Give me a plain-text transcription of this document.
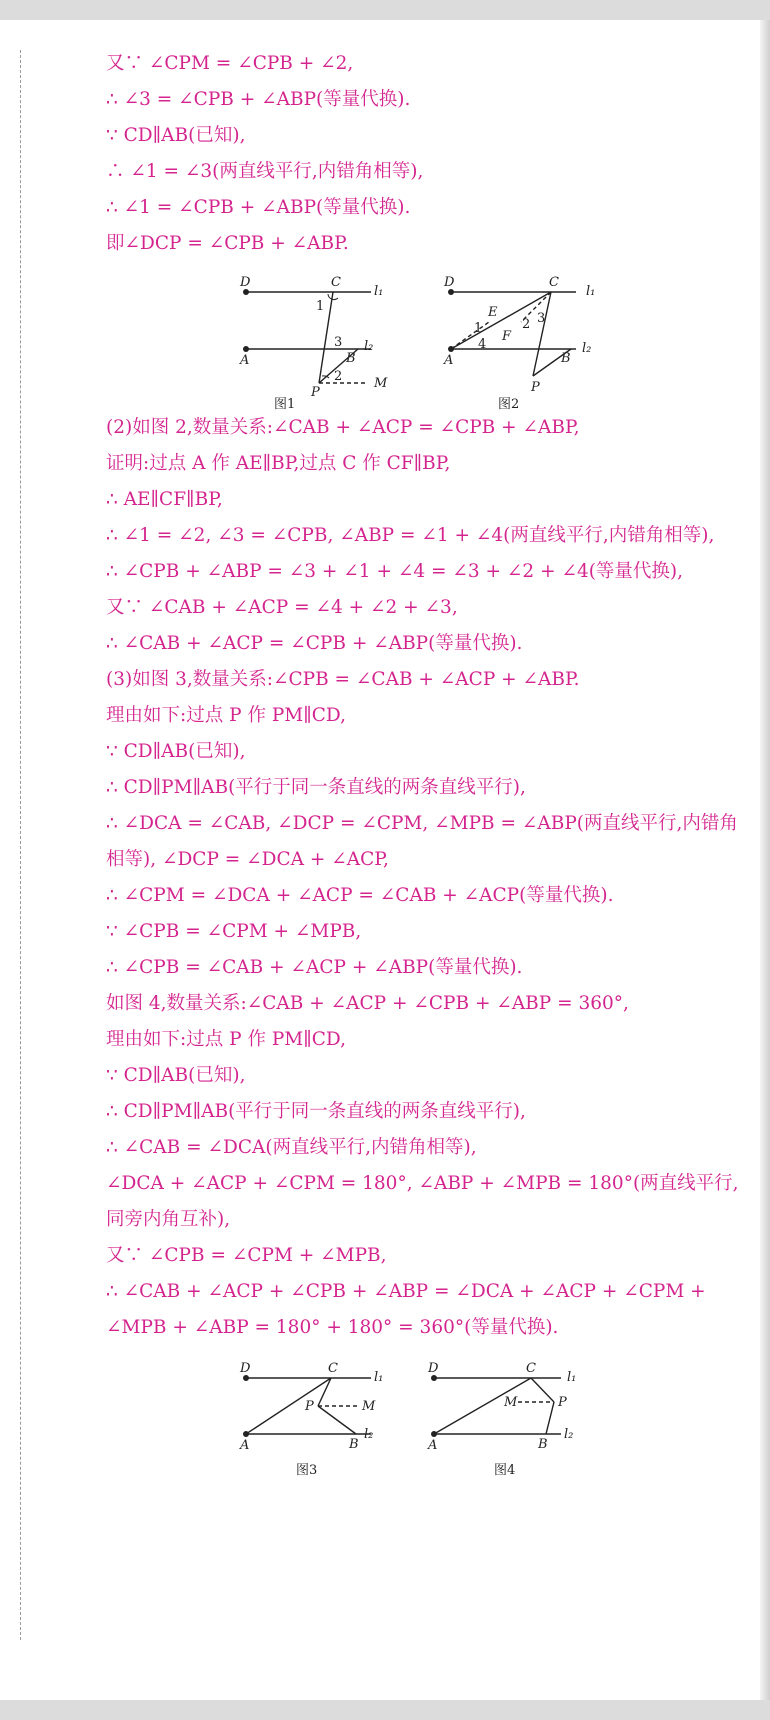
又∵ ∠CPM = ∠CPB + ∠2,
∴ ∠3 = ∠CPB + ∠ABP(等量代换).
∵ CD∥AB(已知),
∴ ∠1 = ∠3(两直线平行,内错角相等),
∴ ∠1 = ∠CPB + ∠ABP(等量代换).
即∠DCP = ∠CPB + ∠ABP.
D	C
l₁
A	B
l₂
P
M
1
3
2
图1
D	C
l₁
A	B
l₂
P
E
F
1
4
2 3
图2
(2)如图 2,数量关系:∠CAB + ∠ACP = ∠CPB + ∠ABP,
证明:过点 A 作 AE∥BP,过点 C 作 CF∥BP,
∴ AE∥CF∥BP,
∴ ∠1 = ∠2, ∠3 = ∠CPB, ∠ABP = ∠1 + ∠4(两直线平行,内错角相等),
∴ ∠CPB + ∠ABP = ∠3 + ∠1 + ∠4 = ∠3 + ∠2 + ∠4(等量代换),
又∵ ∠CAB + ∠ACP = ∠4 + ∠2 + ∠3,
∴ ∠CAB + ∠ACP = ∠CPB + ∠ABP(等量代换).
(3)如图 3,数量关系:∠CPB = ∠CAB + ∠ACP + ∠ABP.
理由如下:过点 P 作 PM∥CD,
∵ CD∥AB(已知),
∴ CD∥PM∥AB(平行于同一条直线的两条直线平行),
∴ ∠DCA = ∠CAB, ∠DCP = ∠CPM, ∠MPB = ∠ABP(两直线平行,内错角相等), ∠DCP = ∠DCA + ∠ACP,
∴ ∠CPM = ∠DCA + ∠ACP = ∠CAB + ∠ACP(等量代换).
∵ ∠CPB = ∠CPM + ∠MPB,
∴ ∠CPB = ∠CAB + ∠ACP + ∠ABP(等量代换).
如图 4,数量关系:∠CAB + ∠ACP + ∠CPB + ∠ABP = 360°,
理由如下:过点 P 作 PM∥CD,
∵ CD∥AB(已知),
∴ CD∥PM∥AB(平行于同一条直线的两条直线平行),
∴ ∠CAB = ∠DCA(两直线平行,内错角相等),
∠DCA + ∠ACP + ∠CPM = 180°, ∠ABP + ∠MPB = 180°(两直线平行,同旁内角互补),
又∵ ∠CPB = ∠CPM + ∠MPB,
∴ ∠CAB + ∠ACP + ∠CPB + ∠ABP = ∠DCA + ∠ACP + ∠CPM + ∠MPB + ∠ABP = 180° + 180° = 360°(等量代换).
D	C
l₁
A	B
l₂
P	M
图3
D	C
l₁
A	B
l₂
P
M
图4
